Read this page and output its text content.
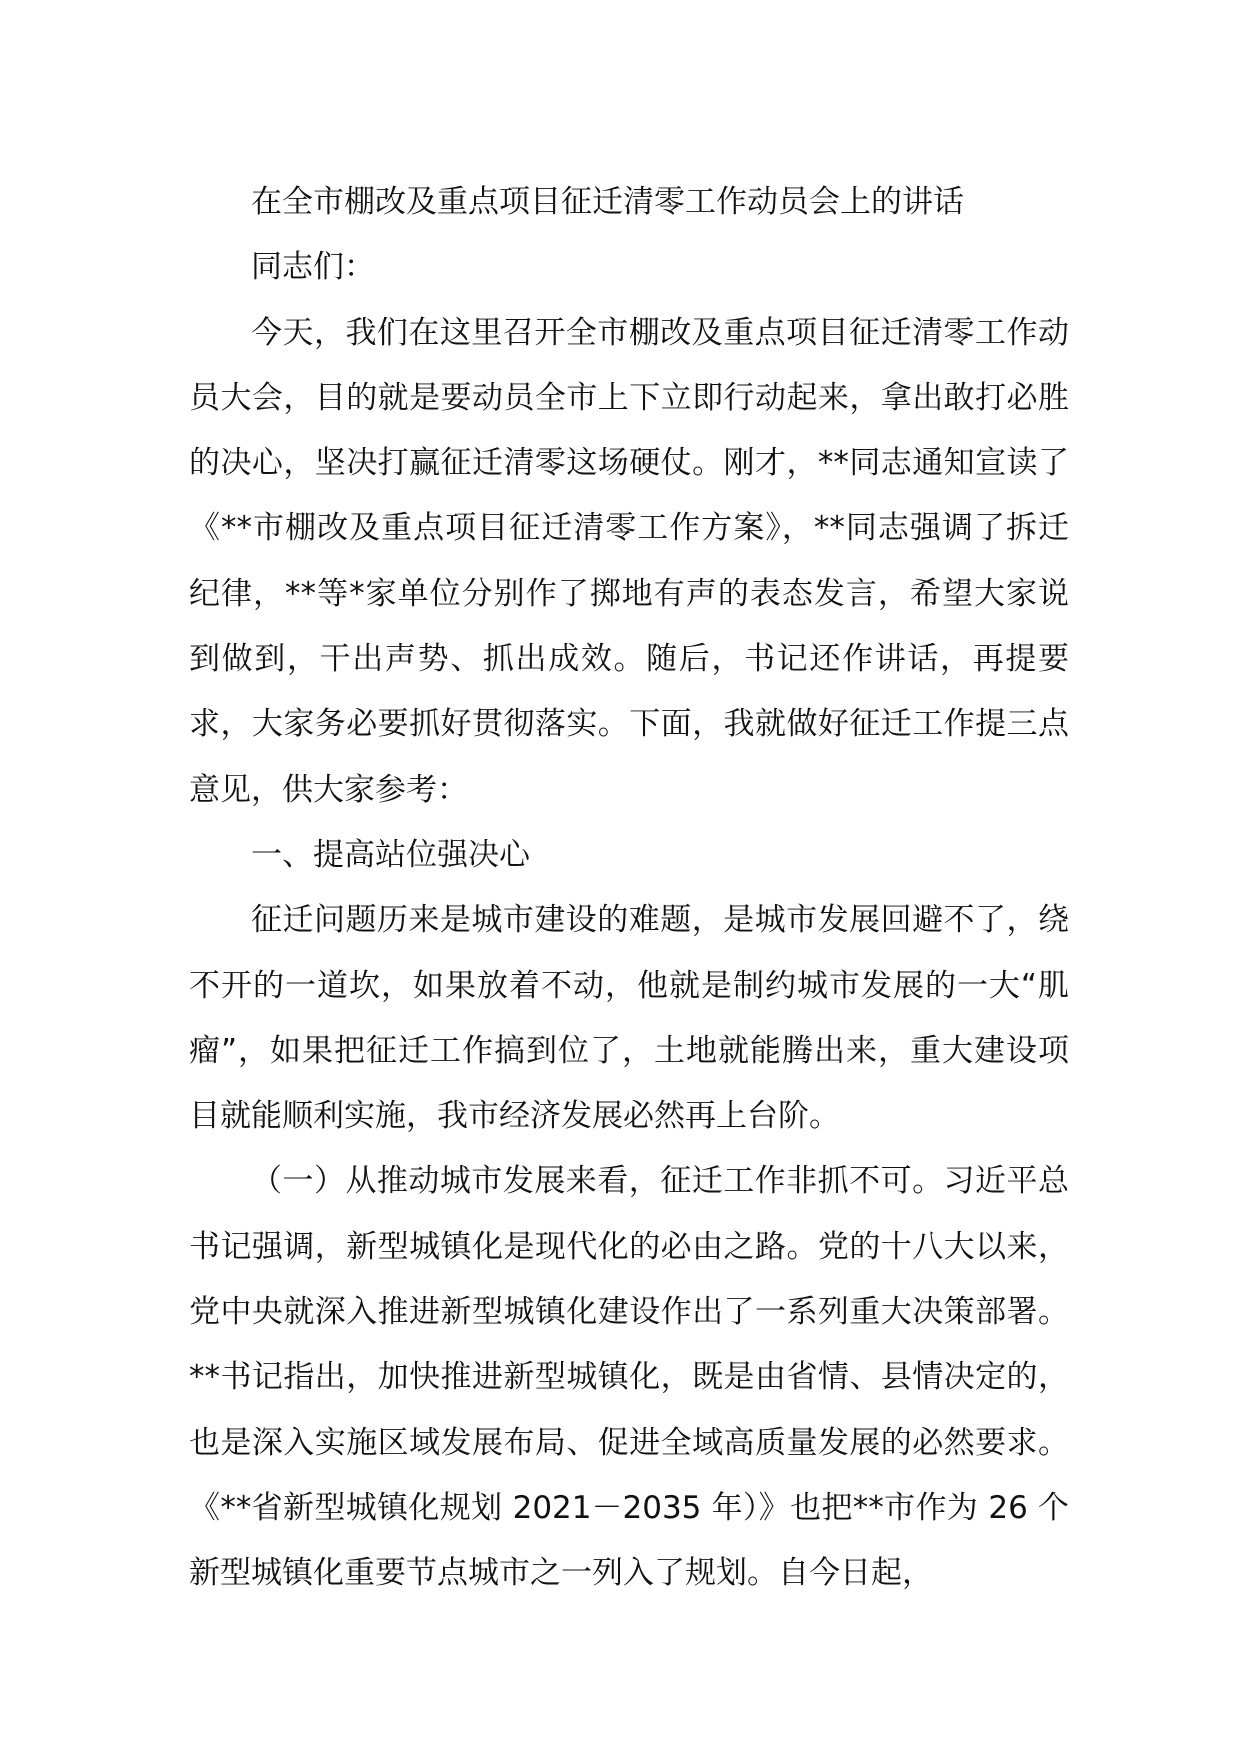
在全市棚改及重点项目征迁清零工作动员会上的讲话

同志们：

今天，我们在这里召开全市棚改及重点项目征迁清零工作动员大会，目的就是要动员全市上下立即行动起来，拿出敢打必胜的决心，坚决打赢征迁清零这场硬仗。刚才，**同志通知宣读了《**市棚改及重点项目征迁清零工作方案》，**同志强调了拆迁纪律，**等*家单位分别作了掷地有声的表态发言，希望大家说到做到，干出声势、抓出成效。随后，书记还作讲话，再提要求，大家务必要抓好贯彻落实。下面，我就做好征迁工作提三点意见，供大家参考：

一、提高站位强决心

征迁问题历来是城市建设的难题，是城市发展回避不了，绕不开的一道坎，如果放着不动，他就是制约城市发展的一大“肌瘤”，如果把征迁工作搞到位了，土地就能腾出来，重大建设项目就能顺利实施，我市经济发展必然再上台阶。

（一）从推动城市发展来看，征迁工作非抓不可。习近平总书记强调，新型城镇化是现代化的必由之路。党的十八大以来，党中央就深入推进新型城镇化建设作出了一系列重大决策部署。**书记指出，加快推进新型城镇化，既是由省情、县情决定的，也是深入实施区域发展布局、促进全域高质量发展的必然要求。《**省新型城镇化规划 2021－2035 年）》也把**市作为 26 个新型城镇化重要节点城市之一列入了规划。自今日起，
